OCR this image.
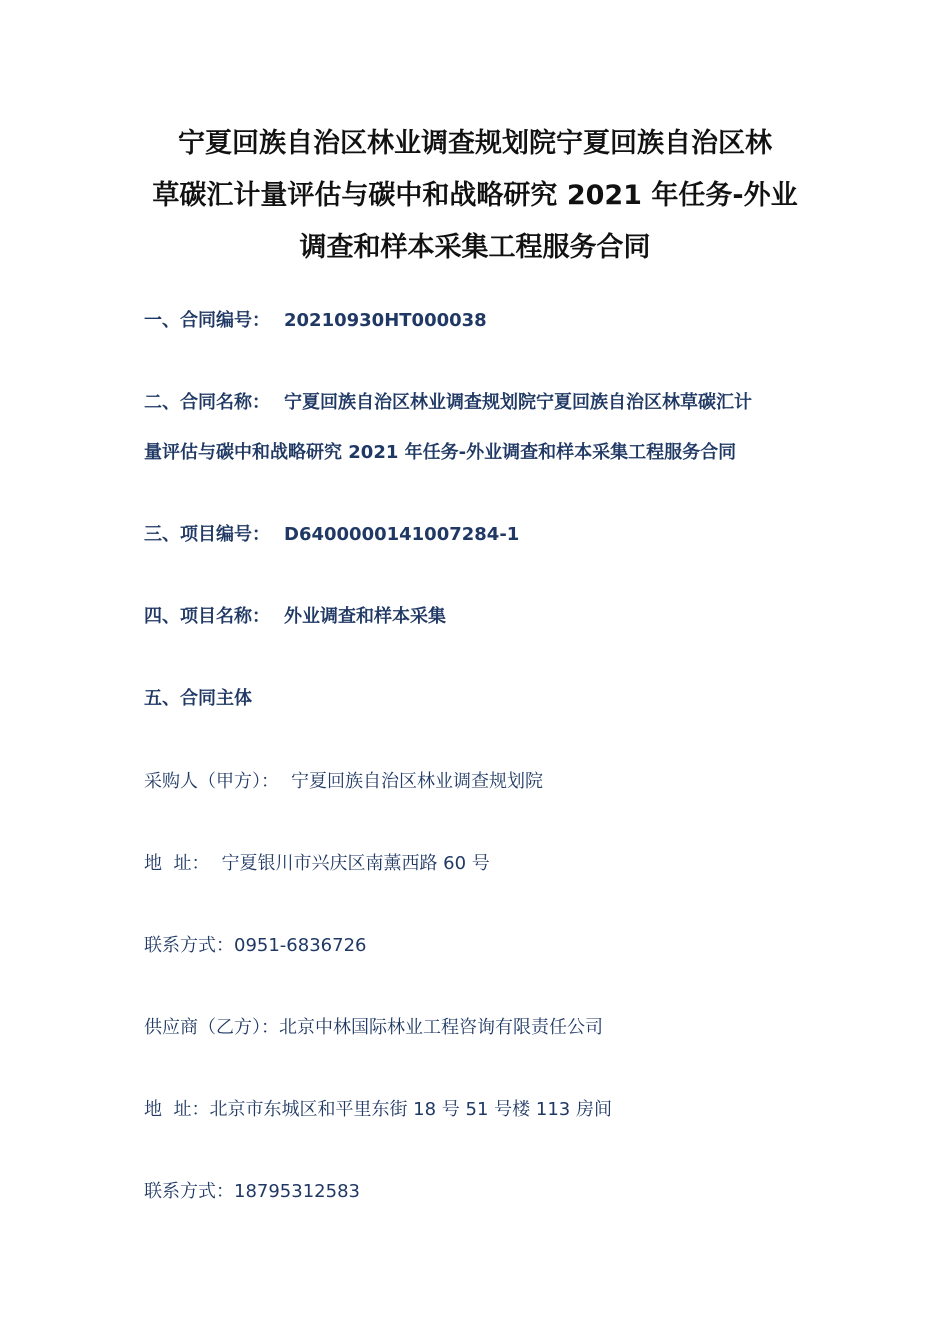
宁夏回族自治区林业调查规划院宁夏回族自治区林
草碳汇计量评估与碳中和战略研究 2021 年任务-外业
调查和样本采集工程服务合同
一、合同编号： 20210930HT000038
二、合同名称： 宁夏回族自治区林业调查规划院宁夏回族自治区林草碳汇计
量评估与碳中和战略研究 2021 年任务-外业调查和样本采集工程服务合同
三、项目编号： D6400000141007284-1
四、项目名称： 外业调查和样本采集
五、合同主体
采购人（甲方）： 宁夏回族自治区林业调查规划院
地  址： 宁夏银川市兴庆区南薰西路 60 号
联系方式：0951-6836726
供应商（乙方）：北京中林国际林业工程咨询有限责任公司
地  址：北京市东城区和平里东街 18 号 51 号楼 113 房间
联系方式：18795312583
